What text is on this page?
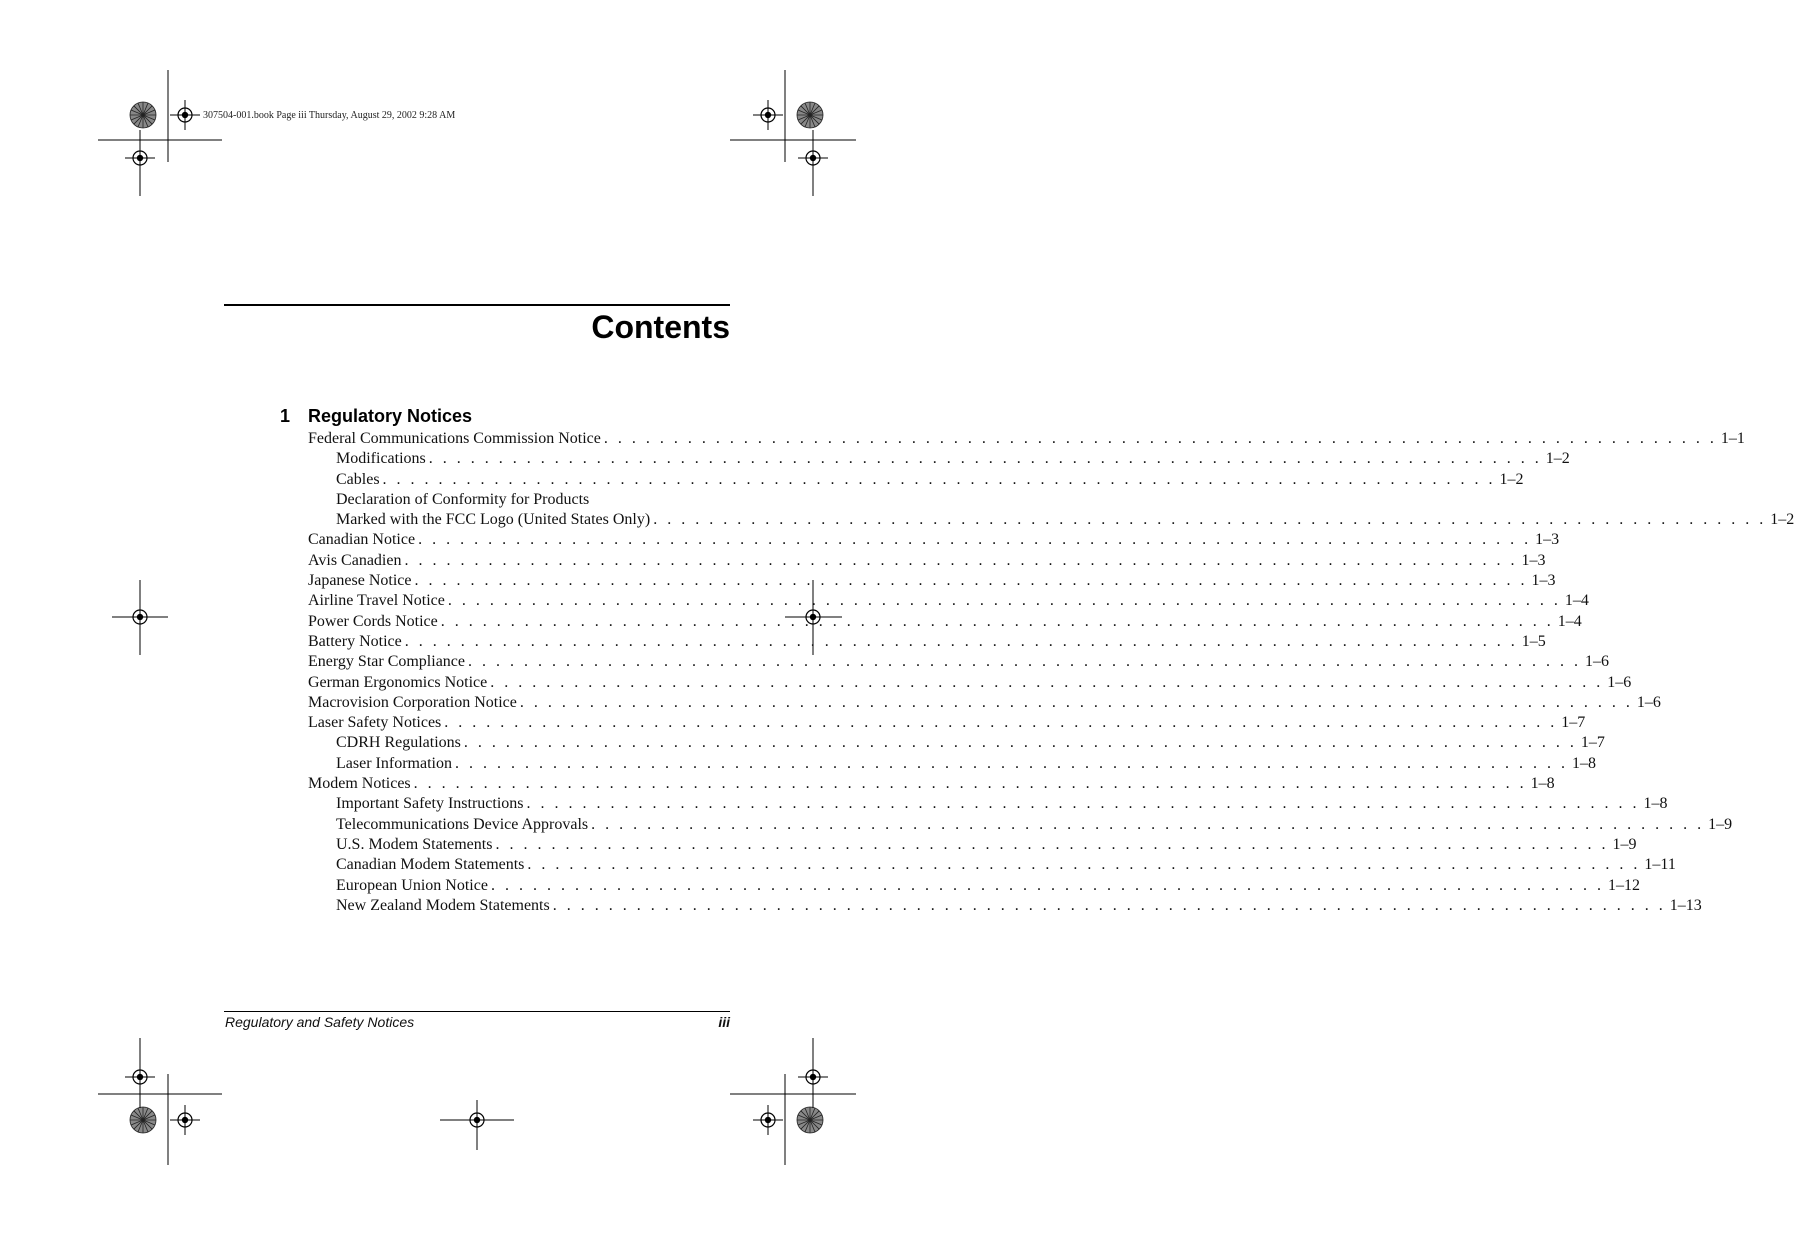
307504-001.book Page iii Thursday, August 29, 2002 9:28 AM
Contents
1 Regulatory Notices
Federal Communications Commission Notice . . . . . . . . . . . . . . . . . . . . . . . . . . . . . . . . . . . . . . . . . . . . . . . . . . . . . . . . . . . . . . . . . . . . . . . . . . . . . . . . 1–1
Modifications . . . . . . . . . . . . . . . . . . . . . . . . . . . . . . . . . . . . . . . . . . . . . . . . . . . . . . . . . . . . . . . . . . . . . . . . . . . . . . . . 1–2
Cables . . . . . . . . . . . . . . . . . . . . . . . . . . . . . . . . . . . . . . . . . . . . . . . . . . . . . . . . . . . . . . . . . . . . . . . . . . . . . . . . 1–2
Declaration of Conformity for Products
Marked with the FCC Logo (United States Only) . . . . . . . . . . . . . . . . . . . . . . . . . . . . . . . . . . . . . . . . . . . . . . . . . . . . . . . . . . . . . . . . . . . . . . . . . . . . . . . . 1–2
Canadian Notice . . . . . . . . . . . . . . . . . . . . . . . . . . . . . . . . . . . . . . . . . . . . . . . . . . . . . . . . . . . . . . . . . . . . . . . . . . . . . . . . 1–3
Avis Canadien . . . . . . . . . . . . . . . . . . . . . . . . . . . . . . . . . . . . . . . . . . . . . . . . . . . . . . . . . . . . . . . . . . . . . . . . . . . . . . . . 1–3
Japanese Notice . . . . . . . . . . . . . . . . . . . . . . . . . . . . . . . . . . . . . . . . . . . . . . . . . . . . . . . . . . . . . . . . . . . . . . . . . . . . . . . . 1–3
Airline Travel Notice . . . . . . . . . . . . . . . . . . . . . . . . . . . . . . . . . . . . . . . . . . . . . . . . . . . . . . . . . . . . . . . . . . . . . . . . . . . . . . . . 1–4
Power Cords Notice . . . . . . . . . . . . . . . . . . . . . . . . . . . . . . . . . . . . . . . . . . . . . . . . . . . . . . . . . . . . . . . . . . . . . . . . . . . . . . . . 1–4
Battery Notice . . . . . . . . . . . . . . . . . . . . . . . . . . . . . . . . . . . . . . . . . . . . . . . . . . . . . . . . . . . . . . . . . . . . . . . . . . . . . . . . 1–5
Energy Star Compliance . . . . . . . . . . . . . . . . . . . . . . . . . . . . . . . . . . . . . . . . . . . . . . . . . . . . . . . . . . . . . . . . . . . . . . . . . . . . . . . . 1–6
German Ergonomics Notice . . . . . . . . . . . . . . . . . . . . . . . . . . . . . . . . . . . . . . . . . . . . . . . . . . . . . . . . . . . . . . . . . . . . . . . . . . . . . . . . 1–6
Macrovision Corporation Notice . . . . . . . . . . . . . . . . . . . . . . . . . . . . . . . . . . . . . . . . . . . . . . . . . . . . . . . . . . . . . . . . . . . . . . . . . . . . . . . . 1–6
Laser Safety Notices . . . . . . . . . . . . . . . . . . . . . . . . . . . . . . . . . . . . . . . . . . . . . . . . . . . . . . . . . . . . . . . . . . . . . . . . . . . . . . . . 1–7
CDRH Regulations . . . . . . . . . . . . . . . . . . . . . . . . . . . . . . . . . . . . . . . . . . . . . . . . . . . . . . . . . . . . . . . . . . . . . . . . . . . . . . . . 1–7
Laser Information . . . . . . . . . . . . . . . . . . . . . . . . . . . . . . . . . . . . . . . . . . . . . . . . . . . . . . . . . . . . . . . . . . . . . . . . . . . . . . . . 1–8
Modem Notices . . . . . . . . . . . . . . . . . . . . . . . . . . . . . . . . . . . . . . . . . . . . . . . . . . . . . . . . . . . . . . . . . . . . . . . . . . . . . . . . 1–8
Important Safety Instructions . . . . . . . . . . . . . . . . . . . . . . . . . . . . . . . . . . . . . . . . . . . . . . . . . . . . . . . . . . . . . . . . . . . . . . . . . . . . . . . . 1–8
Telecommunications Device Approvals . . . . . . . . . . . . . . . . . . . . . . . . . . . . . . . . . . . . . . . . . . . . . . . . . . . . . . . . . . . . . . . . . . . . . . . . . . . . . . . . 1–9
U.S. Modem Statements . . . . . . . . . . . . . . . . . . . . . . . . . . . . . . . . . . . . . . . . . . . . . . . . . . . . . . . . . . . . . . . . . . . . . . . . . . . . . . . . 1–9
Canadian Modem Statements . . . . . . . . . . . . . . . . . . . . . . . . . . . . . . . . . . . . . . . . . . . . . . . . . . . . . . . . . . . . . . . . . . . . . . . . . . . . . . . . 1–11
European Union Notice . . . . . . . . . . . . . . . . . . . . . . . . . . . . . . . . . . . . . . . . . . . . . . . . . . . . . . . . . . . . . . . . . . . . . . . . . . . . . . . . 1–12
New Zealand Modem Statements . . . . . . . . . . . . . . . . . . . . . . . . . . . . . . . . . . . . . . . . . . . . . . . . . . . . . . . . . . . . . . . . . . . . . . . . . . . . . . . . 1–13
Regulatory and Safety Notices	iii
